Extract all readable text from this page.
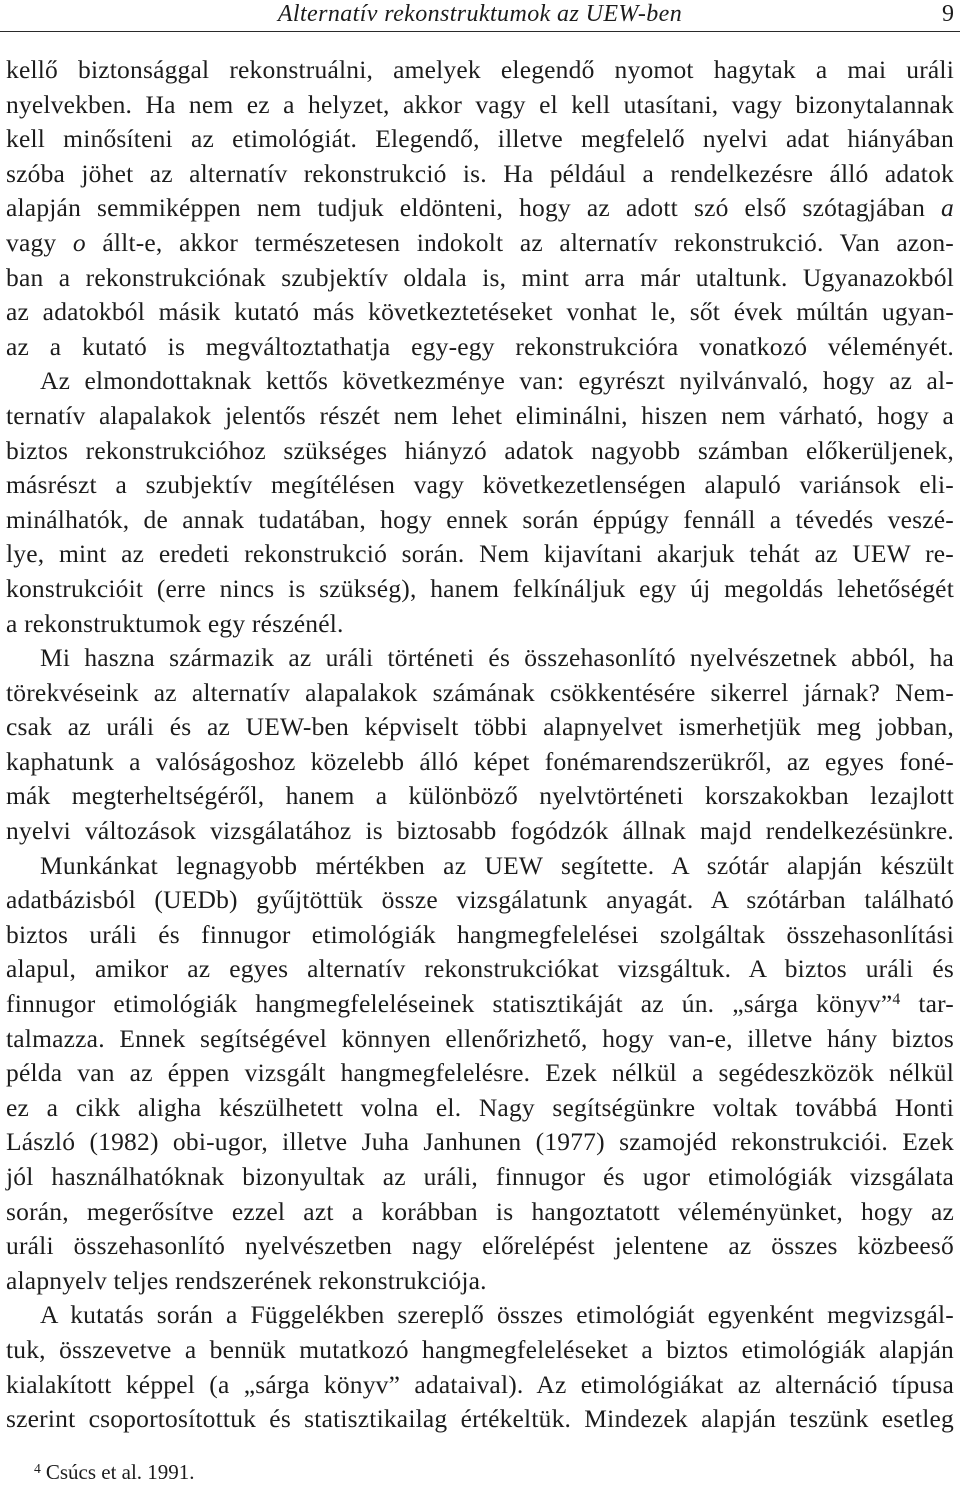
Alternatív rekonstruktumok az UEW-ben	9
kellő biztonsággal rekonstruálni, amelyek elegendő nyomot hagytak a mai uráli
nyelvekben. Ha nem ez a helyzet, akkor vagy el kell utasítani, vagy bizonytalannak
kell minősíteni az etimológiát. Elegendő, illetve megfelelő nyelvi adat hiányában
szóba jöhet az alternatív rekonstrukció is. Ha például a rendelkezésre álló adatok
alapján semmiképpen nem tudjuk eldönteni, hogy az adott szó első szótagjában a
vagy o állt-e, akkor természetesen indokolt az alternatív rekonstrukció. Van azon-
ban a rekonstrukciónak szubjektív oldala is, mint arra már utaltunk. Ugyanazokból
az adatokból másik kutató más következtetéseket vonhat le, sőt évek múltán ugyan-
az a kutató is megváltoztathatja egy-egy rekonstrukcióra vonatkozó véleményét.
Az elmondottaknak kettős következménye van: egyrészt nyilvánvaló, hogy az al-
ternatív alapalakok jelentős részét nem lehet eliminálni, hiszen nem várható, hogy a
biztos rekonstrukcióhoz szükséges hiányzó adatok nagyobb számban előkerüljenek,
másrészt a szubjektív megítélésen vagy következetlenségen alapuló variánsok eli-
minálhatók, de annak tudatában, hogy ennek során éppúgy fennáll a tévedés veszé-
lye, mint az eredeti rekonstrukció során. Nem kijavítani akarjuk tehát az UEW re-
konstrukcióit (erre nincs is szükség), hanem felkínáljuk egy új megoldás lehetőségét
a rekonstruktumok egy részénél.
Mi haszna származik az uráli történeti és összehasonlító nyelvészetnek abból, ha
törekvéseink az alternatív alapalakok számának csökkentésére sikerrel járnak? Nem-
csak az uráli és az UEW-ben képviselt többi alapnyelvet ismerhetjük meg jobban,
kaphatunk a valóságoshoz közelebb álló képet fonémarendszerükről, az egyes foné-
mák megterheltségéről, hanem a különböző nyelvtörténeti korszakokban lezajlott
nyelvi változások vizsgálatához is biztosabb fogódzók állnak majd rendelkezésünkre.
Munkánkat legnagyobb mértékben az UEW segítette. A szótár alapján készült
adatbázisból (UEDb) gyűjtöttük össze vizsgálatunk anyagát. A szótárban található
biztos uráli és finnugor etimológiák hangmegfelelései szolgáltak összehasonlítási
alapul, amikor az egyes alternatív rekonstrukciókat vizsgáltuk. A biztos uráli és
finnugor etimológiák hangmegfeleléseinek statisztikáját az ún. „sárga könyv”$^4$ tar-
talmazza. Ennek segítségével könnyen ellenőrizhető, hogy van-e, illetve hány biztos
példa van az éppen vizsgált hangmegfelelésre. Ezek nélkül a segédeszközök nélkül
ez a cikk aligha készülhetett volna el. Nagy segítségünkre voltak továbbá Honti
László (1982) obi-ugor, illetve Juha Janhunen (1977) szamojéd rekonstrukciói. Ezek
jól használhatóknak bizonyultak az uráli, finnugor és ugor etimológiák vizsgálata
során, megerősítve ezzel azt a korábban is hangoztatott véleményünket, hogy az
uráli összehasonlító nyelvészetben nagy előrelépést jelentene az összes közbeeső
alapnyelv teljes rendszerének rekonstrukciója.
A kutatás során a Függelékben szereplő összes etimológiát egyenként megvizsgál-
tuk, összevetve a bennük mutatkozó hangmegfeleléseket a biztos etimológiák alapján
kialakított képpel (a „sárga könyv” adataival). Az etimológiákat az alternáció típusa
szerint csoportosítottuk és statisztikailag értékeltük. Mindezek alapján teszünk esetleg
$^4$ Csúcs et al. 1991.
